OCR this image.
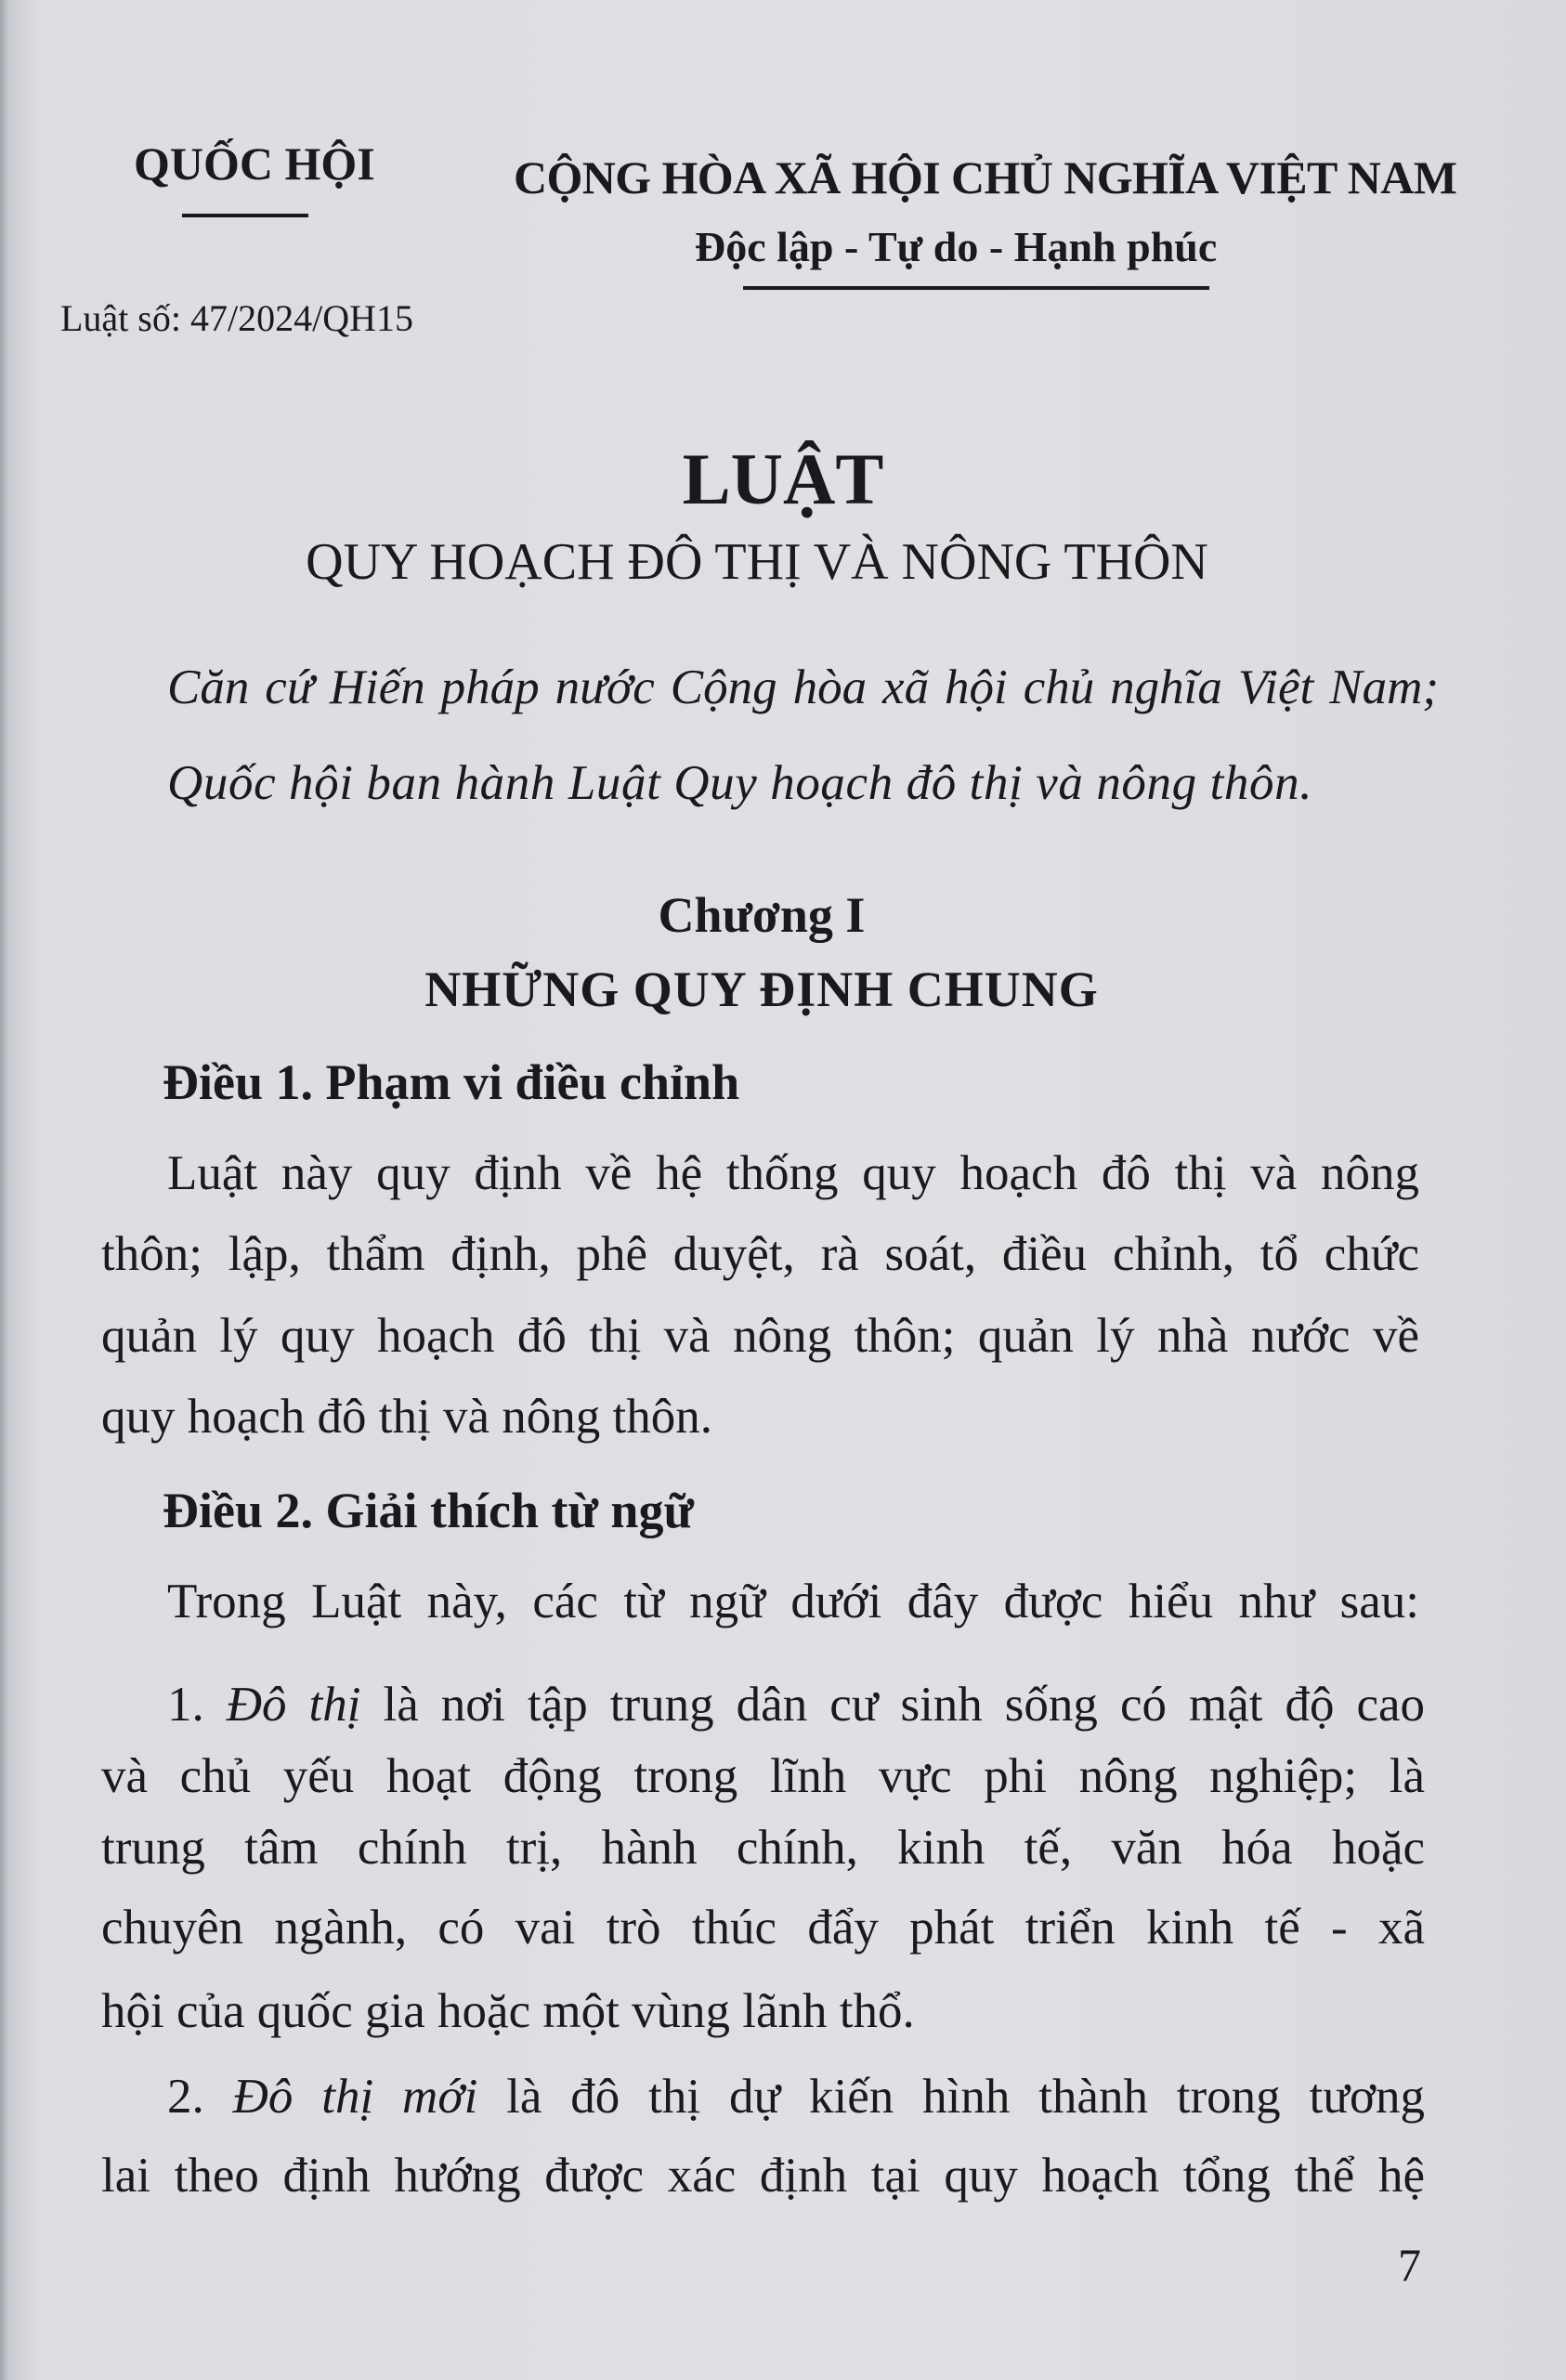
QUỐC HỘI	CỘNG HÒA XÃ HỘI CHỦ NGHĨA VIỆT NAM
Độc lập - Tự do - Hạnh phúc
Luật số: 47/2024/QH15
LUẬT
QUY HOẠCH ĐÔ THỊ VÀ NÔNG THÔN
Căn cứ Hiến pháp nước Cộng hòa xã hội chủ nghĩa Việt Nam;
Quốc hội ban hành Luật Quy hoạch đô thị và nông thôn.
Chương I
NHỮNG QUY ĐỊNH CHUNG
Điều 1. Phạm vi điều chỉnh
Luật này quy định về hệ thống quy hoạch đô thị và nông
thôn; lập, thẩm định, phê duyệt, rà soát, điều chỉnh, tổ chức
quản lý quy hoạch đô thị và nông thôn; quản lý nhà nước về
quy hoạch đô thị và nông thôn.
Điều 2. Giải thích từ ngữ
Trong Luật này, các từ ngữ dưới đây được hiểu như sau:
1. Đô thị là nơi tập trung dân cư sinh sống có mật độ cao
và chủ yếu hoạt động trong lĩnh vực phi nông nghiệp; là
trung tâm chính trị, hành chính, kinh tế, văn hóa hoặc
chuyên ngành, có vai trò thúc đẩy phát triển kinh tế - xã
hội của quốc gia hoặc một vùng lãnh thổ.
2. Đô thị mới là đô thị dự kiến hình thành trong tương
lai theo định hướng được xác định tại quy hoạch tổng thể hệ
7
